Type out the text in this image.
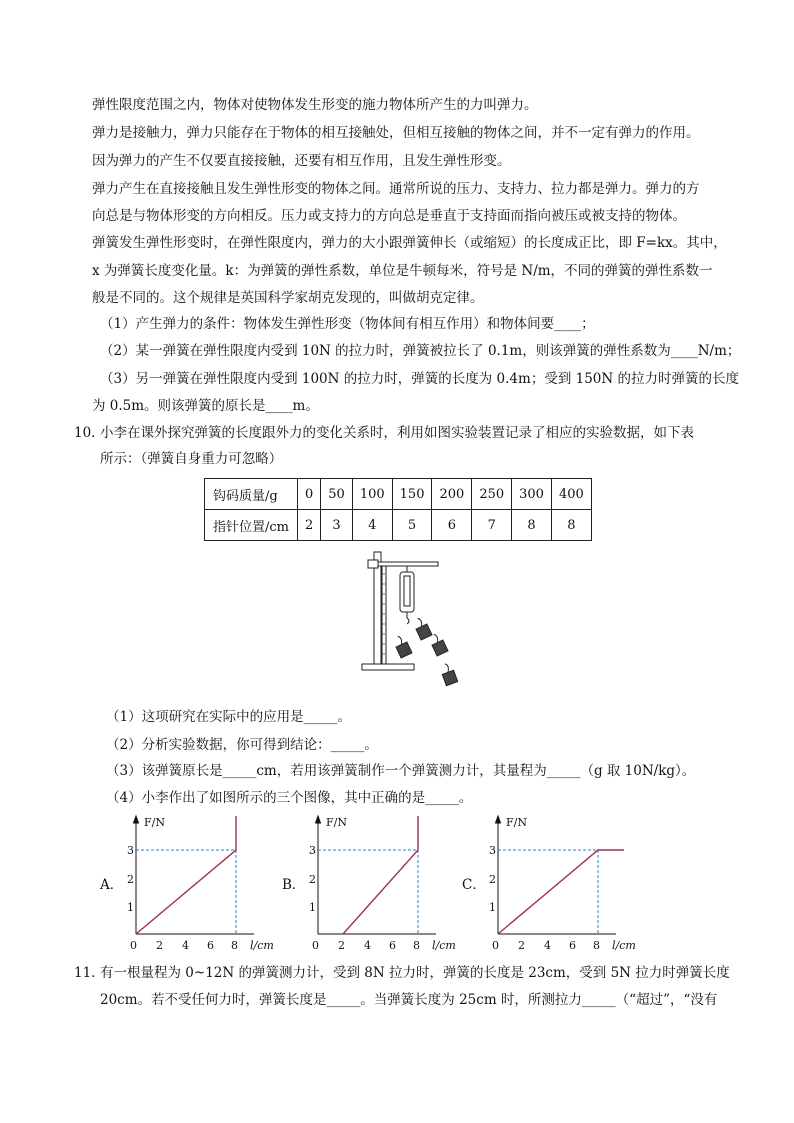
弹性限度范围之内，物体对使物体发生形变的施力物体所产生的力叫弹力。
弹力是接触力，弹力只能存在于物体的相互接触处，但相互接触的物体之间，并不一定有弹力的作用。
因为弹力的产生不仅要直接接触，还要有相互作用，且发生弹性形变。
弹力产生在直接接触且发生弹性形变的物体之间。通常所说的压力、支持力、拉力都是弹力。弹力的方
向总是与物体形变的方向相反。压力或支持力的方向总是垂直于支持面而指向被压或被支持的物体。
弹簧发生弹性形变时，在弹性限度内，弹力的大小跟弹簧伸长（或缩短）的长度成正比，即 F=kx。其中，
x 为弹簧长度变化量。k：为弹簧的弹性系数，单位是牛顿每米，符号是 N/m，不同的弹簧的弹性系数一
般是不同的。这个规律是英国科学家胡克发现的，叫做胡克定律。
（1）产生弹力的条件：物体发生弹性形变（物体间有相互作用）和物体间要____；
（2）某一弹簧在弹性限度内受到 10N 的拉力时，弹簧被拉长了 0.1m，则该弹簧的弹性系数为____N/m；
（3）另一弹簧在弹性限度内受到 100N 的拉力时，弹簧的长度为 0.4m；受到 150N 的拉力时弹簧的长度
为 0.5m。则该弹簧的原长是____m。
10．
小李在课外探究弹簧的长度跟外力的变化关系时，利用如图实验装置记录了相应的实验数据，如下表
所示：（弹簧自身重力可忽略）
钩码质量/g	0	50	100	150	200	250	300	400
指针位置/cm	2	3	4	5	6	7	8	8
（1）这项研究在实际中的应用是_____。
（2）分析实验数据，你可得到结论：_____。
（3）该弹簧原长是_____cm，若用该弹簧制作一个弹簧测力计，其量程为_____（g 取 10N/kg）。
（4）小李作出了如图所示的三个图像，其中正确的是_____。
A．
F/N
0
3
2
1
2 4 6 8 l/cm
B．
F/N
0
3
2
1
2 4 6 8 l/cm
C．
F/N
0
3
2
1
2 4 6 8 l/cm
11．
有一根量程为 0~12N 的弹簧测力计，受到 8N 拉力时，弹簧的长度是 23cm，受到 5N 拉力时弹簧长度
20cm。若不受任何力时，弹簧长度是_____。当弹簧长度为 25cm 时，所测拉力_____（“超过”，“没有
